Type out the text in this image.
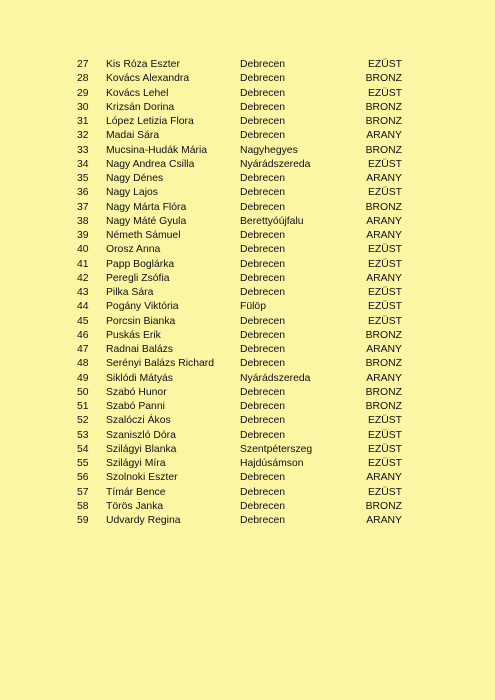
27	Kis Róza Eszter	Debrecen	EZÜST
28	Kovács Alexandra	Debrecen	BRONZ
29	Kovács Lehel	Debrecen	EZÜST
30	Krizsán Dorina	Debrecen	BRONZ
31	López Letizia Flora	Debrecen	BRONZ
32	Madai Sára	Debrecen	ARANY
33	Mucsina-Hudák Mária	Nagyhegyes	BRONZ
34	Nagy Andrea Csilla	Nyárádszereda	EZÜST
35	Nagy Dénes	Debrecen	ARANY
36	Nagy Lajos	Debrecen	EZÜST
37	Nagy Márta Flóra	Debrecen	BRONZ
38	Nagy Máté Gyula	Berettyóújfalu	ARANY
39	Németh Sámuel	Debrecen	ARANY
40	Orosz Anna	Debrecen	EZÜST
41	Papp Boglárka	Debrecen	EZÜST
42	Peregli Zsófia	Debrecen	ARANY
43	Pilka Sára	Debrecen	EZÜST
44	Pogány Viktória	Fülöp	EZÜST
45	Porcsin Bianka	Debrecen	EZÜST
46	Puskás Erik	Debrecen	BRONZ
47	Radnai Balázs	Debrecen	ARANY
48	Serényi Balázs Richard	Debrecen	BRONZ
49	Siklódi Mátyás	Nyárádszereda	ARANY
50	Szabó Hunor	Debrecen	BRONZ
51	Szabó Panni	Debrecen	BRONZ
52	Szalóczi Ákos	Debrecen	EZÜST
53	Szaniszló Dóra	Debrecen	EZÜST
54	Szilágyi Blanka	Szentpéterszeg	EZÜST
55	Szilágyi Míra	Hajdúsámson	EZÜST
56	Szolnoki Eszter	Debrecen	ARANY
57	Tímár Bence	Debrecen	EZÜST
58	Törös Janka	Debrecen	BRONZ
59	Udvardy Regina	Debrecen	ARANY
